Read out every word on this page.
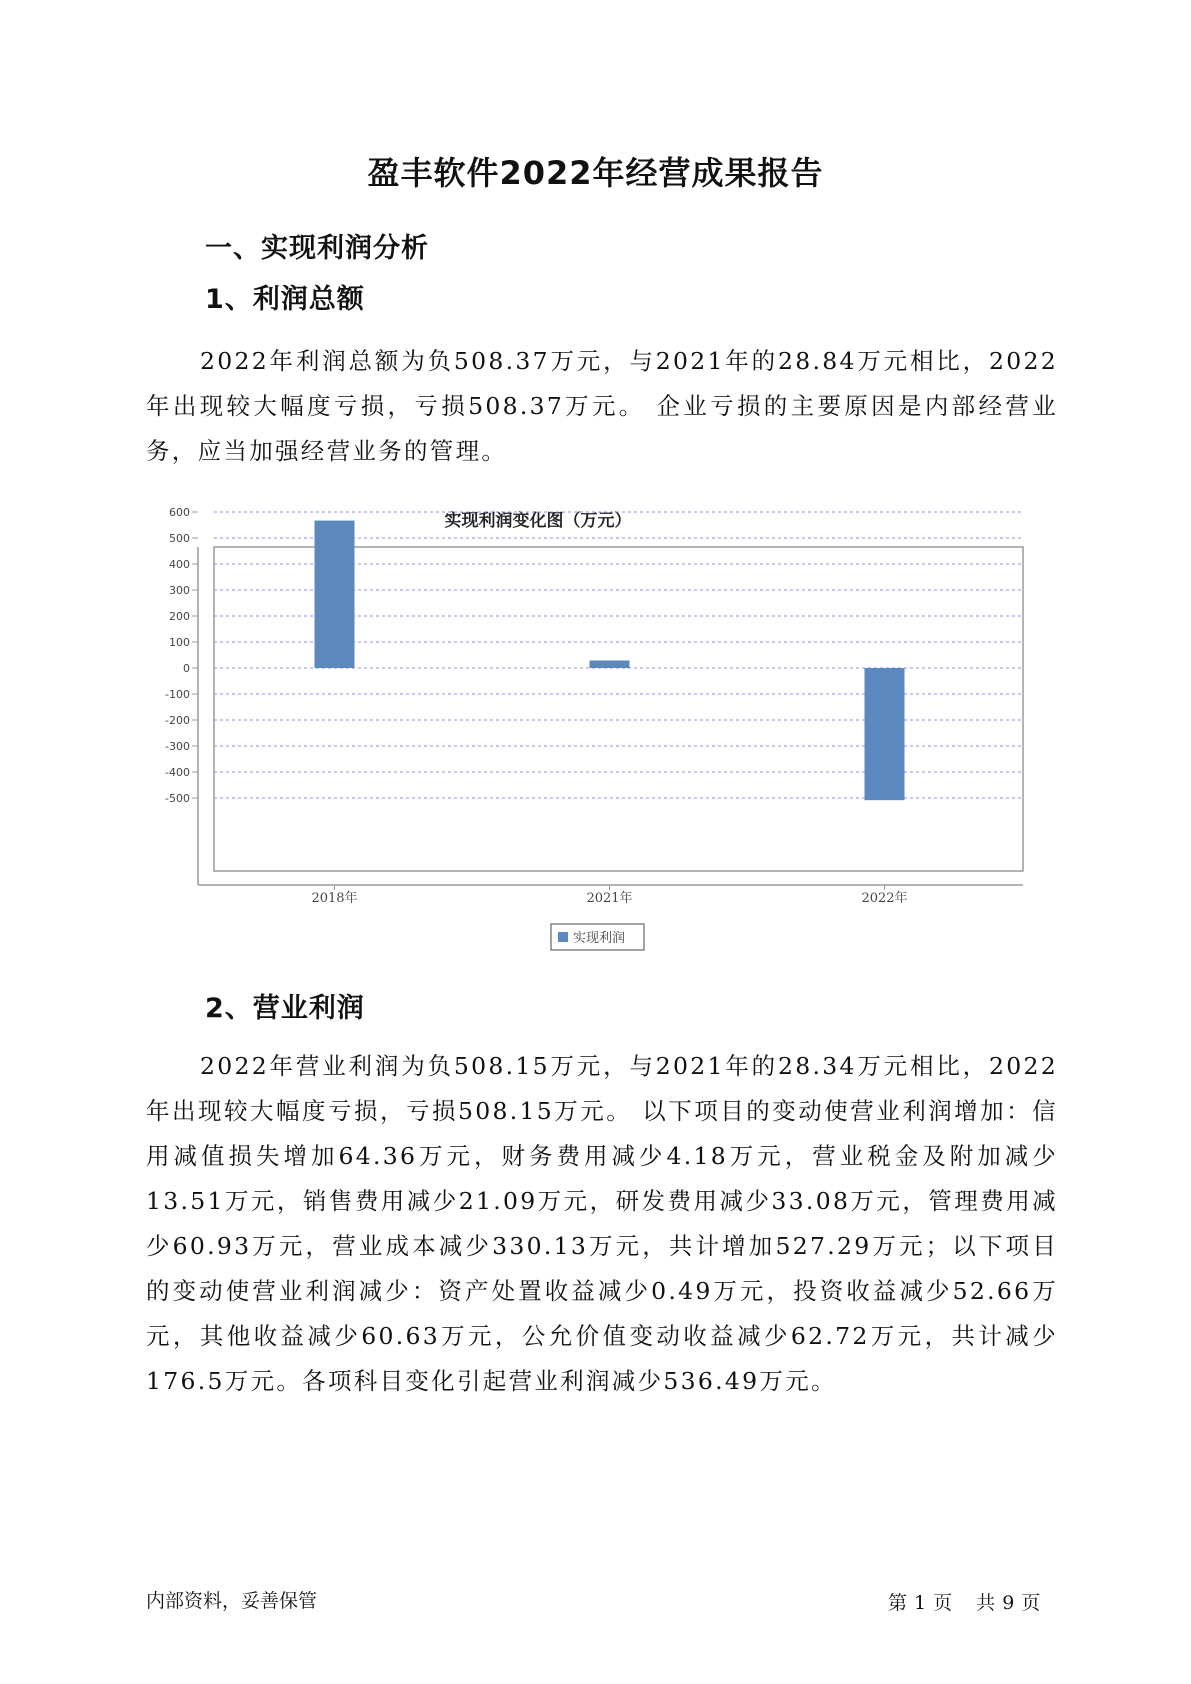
盈丰软件2022年经营成果报告
一、实现利润分析
1、利润总额
2022年利润总额为负508.37万元，与2021年的28.84万元相比，2022年出现较大幅度亏损，亏损508.37万元。 企业亏损的主要原因是内部经营业务，应当加强经营业务的管理。
实现利润变化图（万元）
600
500
400
300
200
100
0
-100
-200
-300
-400
-500
2018年	2021年	2022年
实现利润
2、营业利润
2022年营业利润为负508.15万元，与2021年的28.34万元相比，2022年出现较大幅度亏损，亏损508.15万元。 以下项目的变动使营业利润增加：信用减值损失增加64.36万元，财务费用减少4.18万元，营业税金及附加减少13.51万元，销售费用减少21.09万元，研发费用减少33.08万元，管理费用减少60.93万元，营业成本减少330.13万元，共计增加527.29万元；以下项目的变动使营业利润减少：资产处置收益减少0.49万元，投资收益减少52.66万元，其他收益减少60.63万元，公允价值变动收益减少62.72万元，共计减少176.5万元。各项科目变化引起营业利润减少536.49万元。
内部资料，妥善保管	第 1 页 共 9 页
